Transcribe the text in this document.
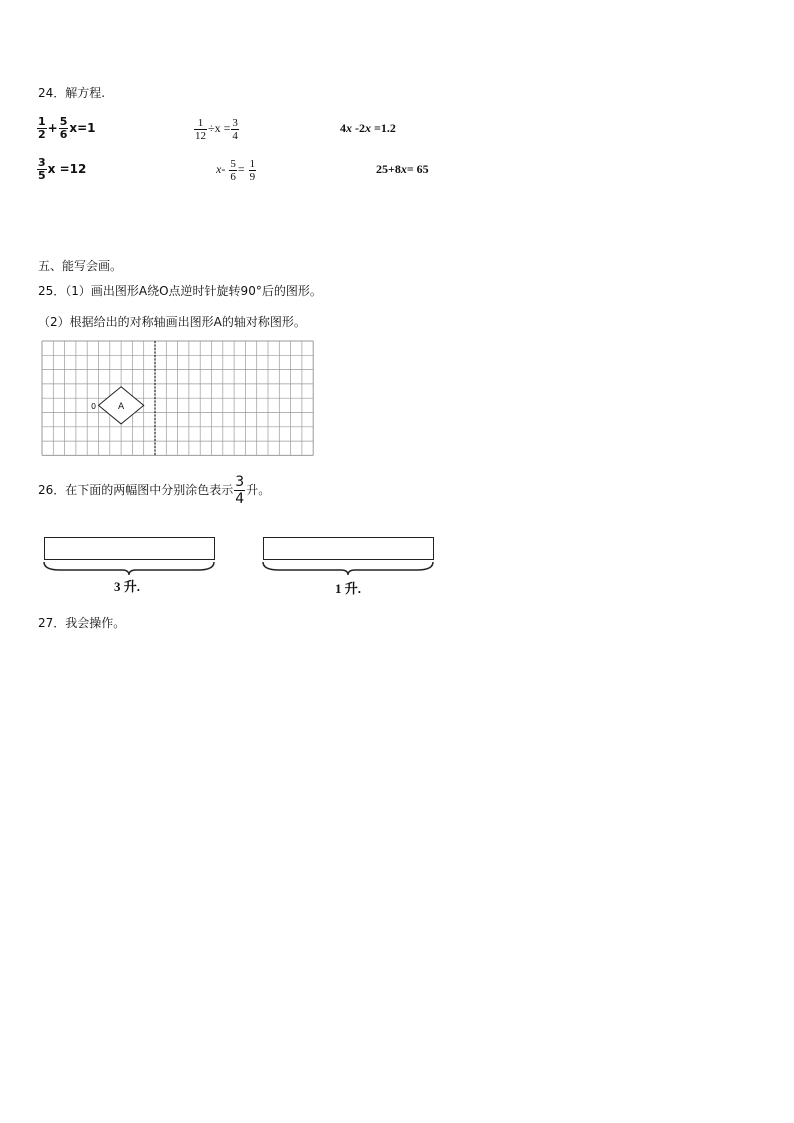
24．解方程.
$\frac{1}{2} + \frac{5}{6} x=1$	$\frac{1}{12} \div x = \frac{3}{4}$	4x -2x =1.2
$\frac{3}{5}$ x =12	$x- \frac{5}{6} = \frac{1}{9}$	25+8x= 65
五、能写会画。
25．（1）画出图形A绕O点逆时针旋转90°后的图形。
（2）根据给出的对称轴画出图形A的轴对称图形。
A
0
26．在下面的两幅图中分别涂色表示 $\frac{3}{4}$ 升。
3 升.	1 升.
27．我会操作。
